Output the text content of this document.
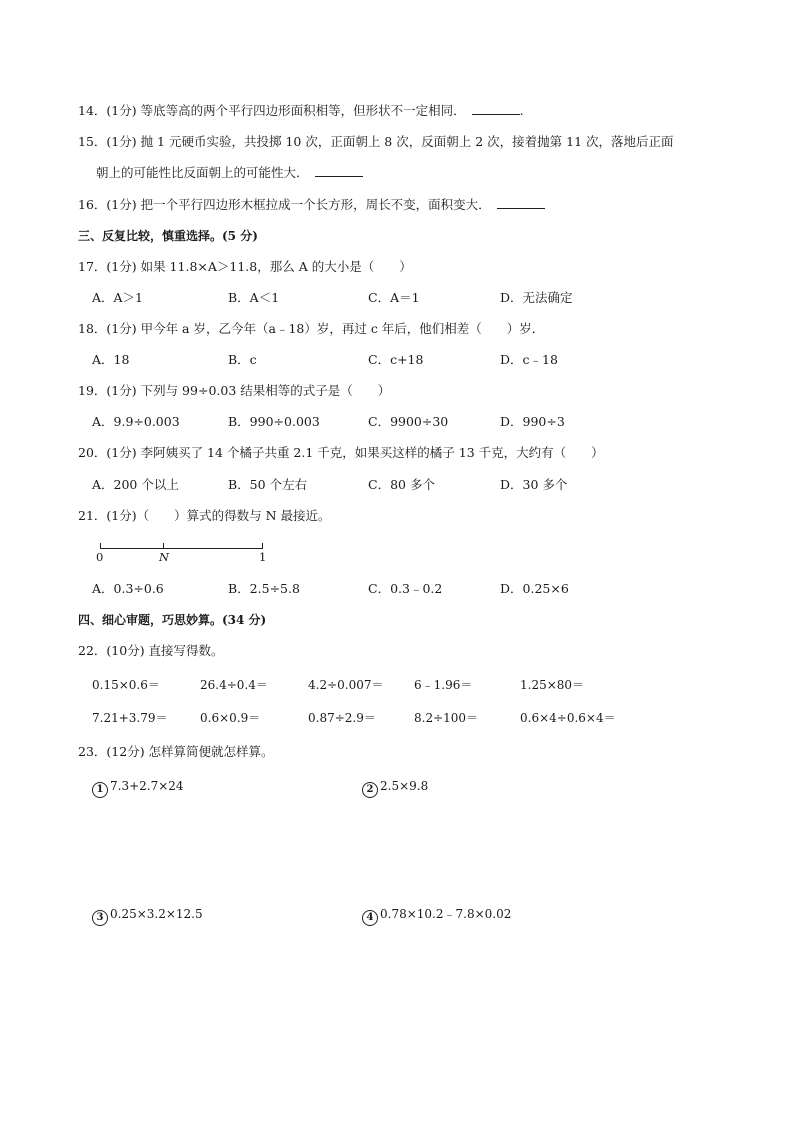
14．(1分) 等底等高的两个平行四边形面积相等，但形状不一定相同．	.
15．(1分) 抛 1 元硬币实验，共投掷 10 次，正面朝上 8 次，反面朝上 2 次，接着抛第 11 次，落地后正面
朝上的可能性比反面朝上的可能性大．
16．(1分) 把一个平行四边形木框拉成一个长方形，周长不变，面积变大．
三、反复比较，慎重选择。(5 分)
17．(1分) 如果 11.8×A＞11.8，那么 A 的大小是（　　）
A．A＞1	B．A＜1	C．A＝1	D．无法确定
18．(1分) 甲今年 a 岁，乙今年（a﹣18）岁，再过 c 年后，他们相差（　　）岁．
A．18	B．c	C．c+18	D．c﹣18
19．(1分) 下列与 99÷0.03 结果相等的式子是（　　）
A．9.9÷0.003	B．990÷0.003	C．9900÷30	D．990÷3
20．(1分) 李阿姨买了 14 个橘子共重 2.1 千克，如果买这样的橘子 13 千克，大约有（　　）
A．200 个以上	B．50 个左右	C．80 多个	D．30 多个
21．(1分)（　　）算式的得数与 N 最接近。
0	N	1
A．0.3÷0.6	B．2.5÷5.8	C．0.3﹣0.2	D．0.25×6
四、细心审题，巧思妙算。(34 分)
22．(10分) 直接写得数。
0.15×0.6＝	26.4÷0.4＝	4.2÷0.007＝	6﹣1.96＝	1.25×80＝
7.21+3.79＝	0.6×0.9＝	0.87÷2.9＝	8.2÷100＝	0.6×4÷0.6×4＝
23．(12分) 怎样算简便就怎样算。
1 7.3+2.7×24	2 2.5×9.8
3 0.25×3.2×12.5	4 0.78×10.2﹣7.8×0.02
